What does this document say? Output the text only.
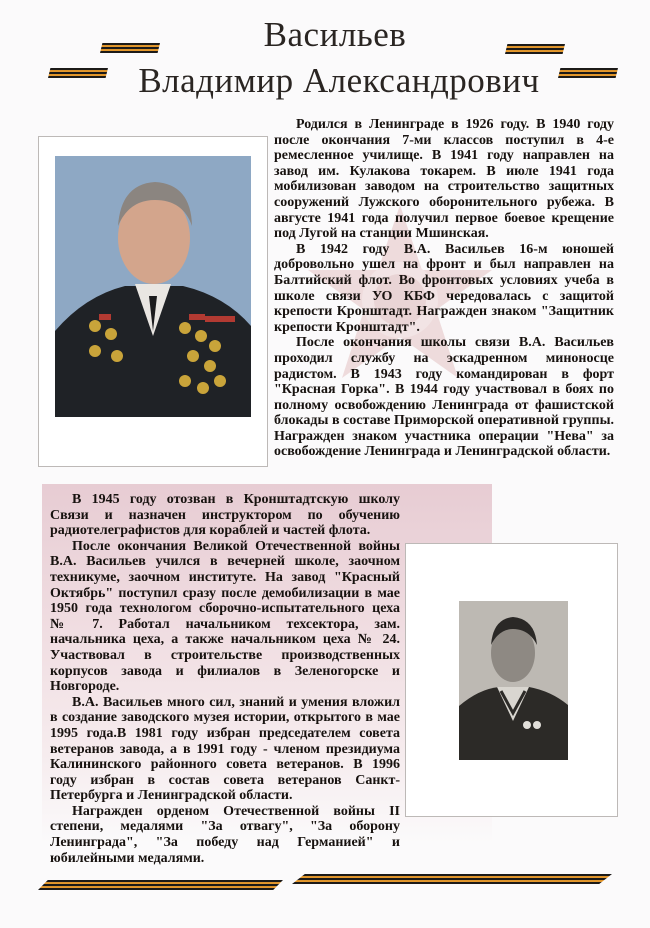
Васильев
Владимир Александрович

Родился в Ленинграде в 1926 году. В 1940 году после окончания 7-ми классов поступил в 4-е ремесленное училище. В 1941 году направлен на завод им. Кулакова токарем. В июле 1941 года мобилизован заводом на строительство защитных сооружений Лужского оборонительного рубежа. В августе 1941 года получил первое боевое крещение под Лугой на станции Мшинская.

В 1942 году В.А. Васильев 16-м юношей добровольно ушел на фронт и был направлен на Балтийский флот. Во фронтовых условиях учеба в школе связи УО КБФ чередовалась с защитой крепости Кронштадт. Награжден знаком "Защитник крепости Кронштадт".

После окончания школы связи В.А. Васильев проходил службу на эскадренном миноносце радистом. В 1943 году командирован в форт "Красная Горка". В 1944 году участвовал в боях по полному освобождению Ленинграда от фашистской блокады в составе Приморской оперативной группы. Награжден знаком участника операции "Нева" за освобождение Ленинграда и Ленинградской области.

В 1945 году отозван в Кронштадтскую школу Связи и назначен инструктором по обучению радиотелеграфистов для кораблей и частей флота.

После окончания Великой Отечественной войны В.А. Васильев учился в вечерней школе, заочном техникуме, заочном институте. На завод "Красный Октябрь" поступил сразу после демобилизации в мае 1950 года технологом сборочно-испытательного цеха № 7. Работал начальником техсектора, зам. начальника цеха, а также начальником цеха № 24. Участвовал в строительстве производственных корпусов завода и филиалов в Зеленогорске и Новгороде.

В.А. Васильев много сил, знаний и умения вложил в создание заводского музея истории, открытого в мае 1995 года.В 1981 году избран председателем совета ветеранов завода, а в 1991 году - членом президиума Калининского районного совета ветеранов. В 1996 году избран в состав совета ветеранов Санкт-Петербурга и Ленинградской области.

Награжден орденом Отечественной войны II степени, медалями "За отвагу", "За оборону Ленинграда", "За победу над Германией" и юбилейными медалями.
